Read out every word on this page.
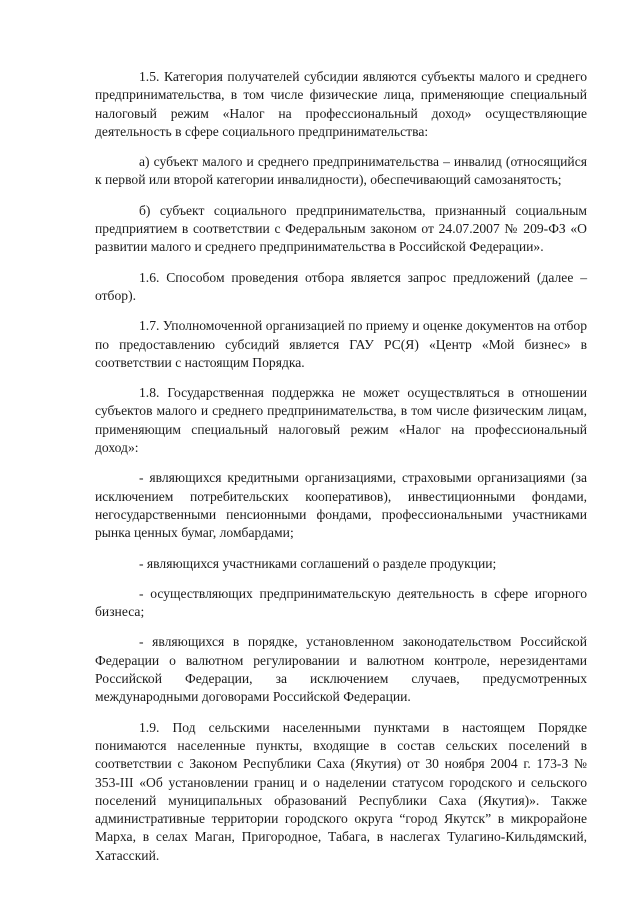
1.5. Категория получателей субсидии являются субъекты малого и среднего предпринимательства, в том числе физические лица, применяющие специальный налоговый режим «Налог на профессиональный доход» осуществляющие деятельность в сфере социального предпринимательства:

а) субъект малого и среднего предпринимательства – инвалид (относящийся к первой или второй категории инвалидности), обеспечивающий самозанятость;

б) субъект социального предпринимательства, признанный социальным предприятием в соответствии с Федеральным законом от 24.07.2007 № 209-ФЗ «О развитии малого и среднего предпринимательства в Российской Федерации».

1.6. Способом проведения отбора является запрос предложений (далее – отбор).

1.7. Уполномоченной организацией по приему и оценке документов на отбор по предоставлению субсидий является ГАУ РС(Я) «Центр «Мой бизнес» в соответствии с настоящим Порядка.

1.8. Государственная поддержка не может осуществляться в отношении субъектов малого и среднего предпринимательства, в том числе физическим лицам, применяющим специальный налоговый режим «Налог на профессиональный доход»:

- являющихся кредитными организациями, страховыми организациями (за исключением потребительских кооперативов), инвестиционными фондами, негосударственными пенсионными фондами, профессиональными участниками рынка ценных бумаг, ломбардами;

- являющихся участниками соглашений о разделе продукции;

- осуществляющих предпринимательскую деятельность в сфере игорного бизнеса;

- являющихся в порядке, установленном законодательством Российской Федерации о валютном регулировании и валютном контроле, нерезидентами Российской Федерации, за исключением случаев, предусмотренных международными договорами Российской Федерации.

1.9. Под сельскими населенными пунктами в настоящем Порядке понимаются населенные пункты, входящие в состав сельских поселений в соответствии с Законом Республики Саха (Якутия) от 30 ноября 2004 г. 173-З № 353-III «Об установлении границ и о наделении статусом городского и сельского поселений муниципальных образований Республики Саха (Якутия)». Также административные территории городского округа “город Якутск” в микрорайоне Марха, в селах Маган, Пригородное, Табага, в наслегах Тулагино-Кильдямский, Хатасский.
